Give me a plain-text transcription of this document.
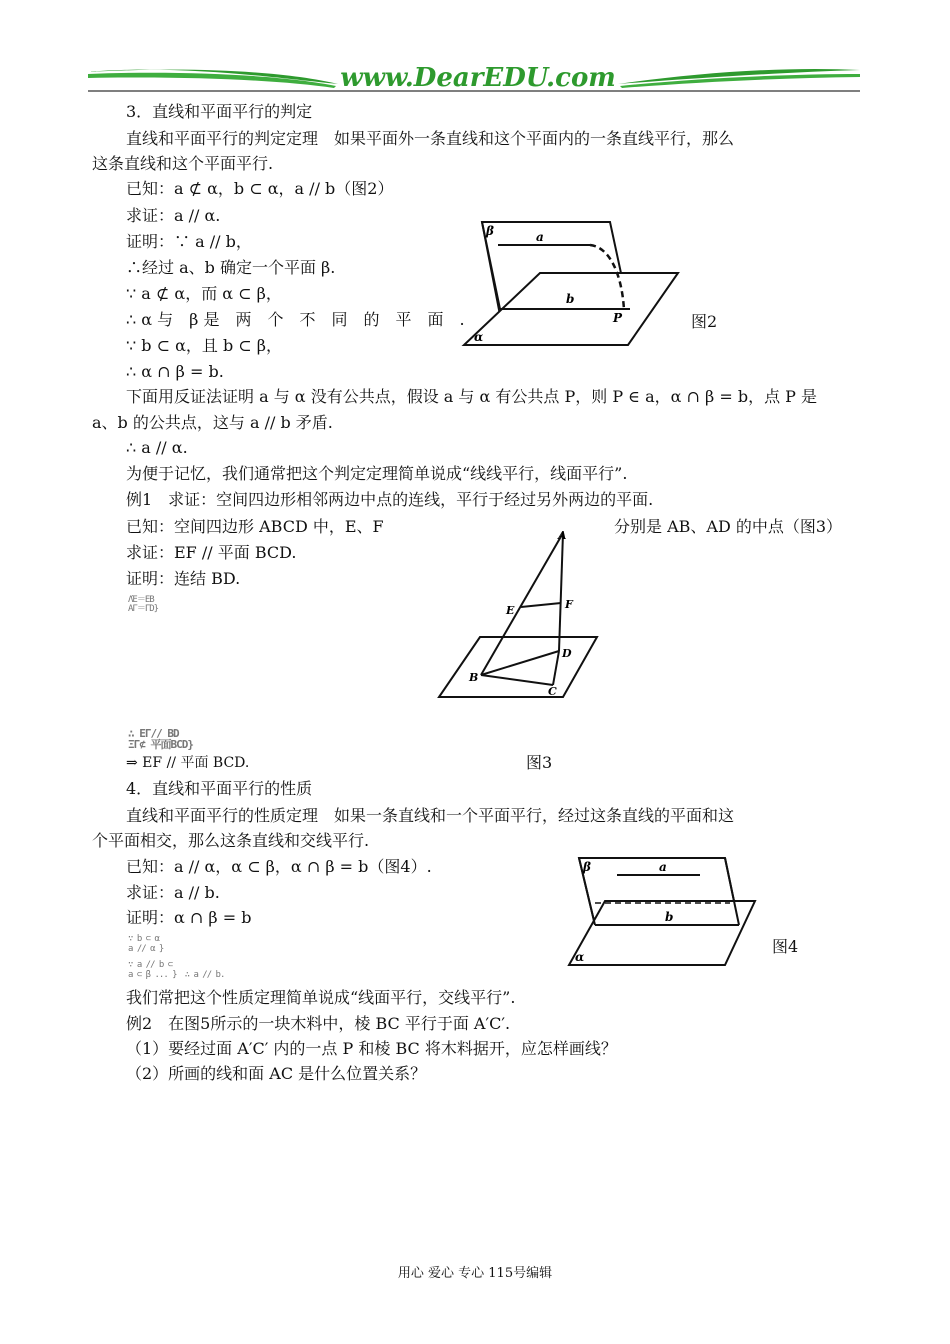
www.DearEDU.com
3．直线和平面平行的判定
直线和平面平行的判定定理　如果平面外一条直线和这个平面内的一条直线平行，那么
这条直线和这个平面平行.
已知：a ⊄ α，b ⊂ α，a // b（图2）
求证：a // α.
证明：∵ a // b，
∴经过 a、b 确定一个平面 β.
∵ a ⊄ α，而 α ⊂ β，
∴ α 与　β 是　两　个　不　同　的　平　面　.
∵ b ⊂ α，且 b ⊂ β，
∴ α ∩ β = b.
下面用反证法证明 a 与 α 没有公共点，假设 a 与 α 有公共点 P，则 P ∈ a，α ∩ β = b，点 P 是
a、b 的公共点，这与 a // b 矛盾.
∴ a // α.
为便于记忆，我们通常把这个判定定理简单说成“线线平行，线面平行”.
例1　求证：空间四边形相邻两边中点的连线，平行于经过另外两边的平面.
已知：空间四边形 ABCD 中，E、F	分别是 AB、AD 的中点（图3）
求证：EF // 平面 BCD.
证明：连结 BD.
ΛΈ＝ΕΒ
ΑΓ＝ΓD}
∴ ΕΓ// ΒD
ΞΓ⊄ 平面ΒCD}
⇒ EF // 平面 BCD.
4．直线和平面平行的性质
直线和平面平行的性质定理　如果一条直线和一个平面平行，经过这条直线的平面和这
个平面相交，那么这条直线和交线平行.
已知：a // α，α ⊂ β，α ∩ β = b（图4）.
求证：a // b.
证明：α ∩ β = b
∵ b ⊂ α
a // α }
∵ a // b ⊂
a ⊂ β ... }　∴ a // b.
我们常把这个性质定理简单说成“线面平行，交线平行”.
例2　在图5所示的一块木料中，棱 BC 平行于面 A′C′.
（1）要经过面 A′C′ 内的一点 P 和棱 BC 将木料据开，应怎样画线？
（2）所画的线和面 AC 是什么位置关系？
β	a
b
P
α
图2
A
E	F
D
B
C
图3
β	a
b
α
图4
用心 爱心 专心 115号编辑
